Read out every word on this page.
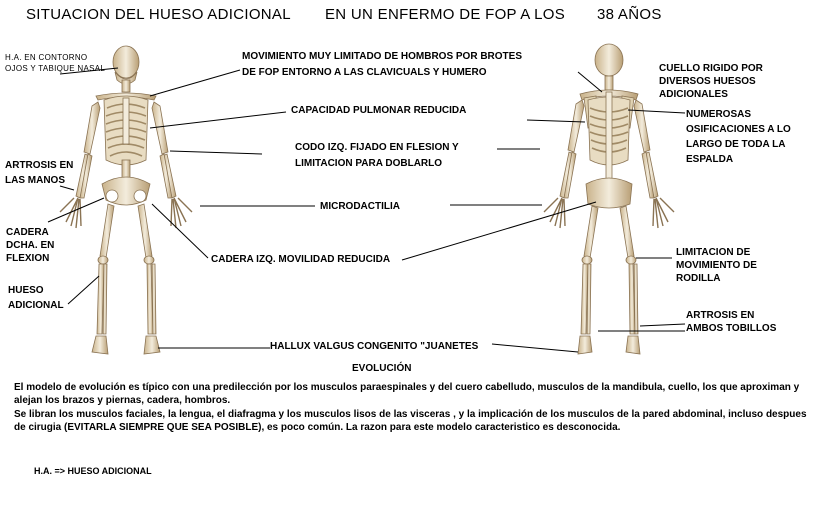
SITUACION DEL HUESO ADICIONAL EN UN ENFERMO DE FOP A LOS 38 AÑOS
H.A. EN CONTORNO
OJOS Y TABIQUE NASAL
MOVIMIENTO MUY LIMITADO DE HOMBROS POR BROTES
DE FOP ENTORNO A LAS CLAVICUALS Y HUMERO	CUELLO RIGIDO POR
DIVERSOS HUESOS
ADICIONALES
CAPACIDAD PULMONAR REDUCIDA	NUMEROSAS
OSIFICACIONES A LO
LARGO DE TODA LA
ESPALDA
CODO IZQ. FIJADO EN FLESION Y
LIMITACION PARA DOBLARLO
ARTROSIS EN
LAS MANOS
MICRODACTILIA
CADERA
DCHA. EN
FLEXION	CADERA IZQ. MOVILIDAD REDUCIDA
LIMITACION DE
MOVIMIENTO DE
RODILLA
HUESO
ADICIONAL
ARTROSIS EN
AMBOS TOBILLOS
HALLUX VALGUS CONGENITO "JUANETES
EVOLUCIÓN
El modelo de evolución es típico con una predilección por los musculos paraespinales y del cuero cabelludo, musculos de la mandibula, cuello, los que aproximan y alejan los brazos y piernas, cadera, hombros.
Se libran los musculos faciales, la lengua, el diafragma y los musculos lisos de las visceras , y la implicación de los musculos de la pared abdominal, incluso despues de cirugia (EVITARLA SIEMPRE QUE SEA POSIBLE), es poco común. La razon para este modelo caracteristico es desconocida.
H.A. => HUESO ADICIONAL
